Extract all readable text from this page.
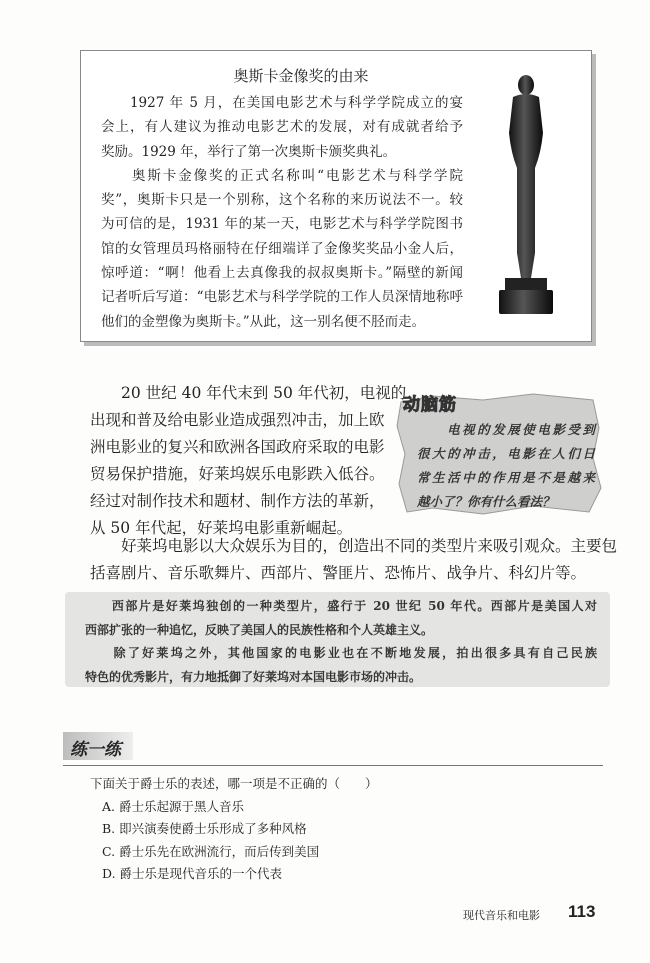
奥斯卡金像奖的由来
　　1927 年 5 月，在美国电影艺术与科学学院成立的宴
会上，有人建议为推动电影艺术的发展，对有成就者给予
奖励。1929 年，举行了第一次奥斯卡颁奖典礼。
　　奥斯卡金像奖的正式名称叫“电影艺术与科学学院
奖”，奥斯卡只是一个别称，这个名称的来历说法不一。较
为可信的是，1931 年的某一天，电影艺术与科学学院图书
馆的女管理员玛格丽特在仔细端详了金像奖奖品小金人后，
惊呼道：“啊！他看上去真像我的叔叔奥斯卡。”隔壁的新闻
记者听后写道：“电影艺术与科学学院的工作人员深情地称呼
他们的金塑像为奥斯卡。”从此，这一别名便不胫而走。
　　20 世纪 40 年代末到 50 年代初，电视的
出现和普及给电影业造成强烈冲击，加上欧
洲电影业的复兴和欧洲各国政府采取的电影
贸易保护措施，好莱坞娱乐电影跌入低谷。
经过对制作技术和题材、制作方法的革新，
从 50 年代起，好莱坞电影重新崛起。
动脑筋
　　电视的发展使电影受到
很大的冲击，电影在人们日
常生活中的作用是不是越来
越小了？你有什么看法？
　　好莱坞电影以大众娱乐为目的，创造出不同的类型片来吸引观众。主要包
括喜剧片、音乐歌舞片、西部片、警匪片、恐怖片、战争片、科幻片等。
　　西部片是好莱坞独创的一种类型片，盛行于 20 世纪 50 年代。西部片是美国人对
西部扩张的一种追忆，反映了美国人的民族性格和个人英雄主义。
　　除了好莱坞之外，其他国家的电影业也在不断地发展，拍出很多具有自己民族
特色的优秀影片，有力地抵御了好莱坞对本国电影市场的冲击。
练一练
下面关于爵士乐的表述，哪一项是不正确的（　　）
A. 爵士乐起源于黑人音乐
B. 即兴演奏使爵士乐形成了多种风格
C. 爵士乐先在欧洲流行，而后传到美国
D. 爵士乐是现代音乐的一个代表
现代音乐和电影 113
